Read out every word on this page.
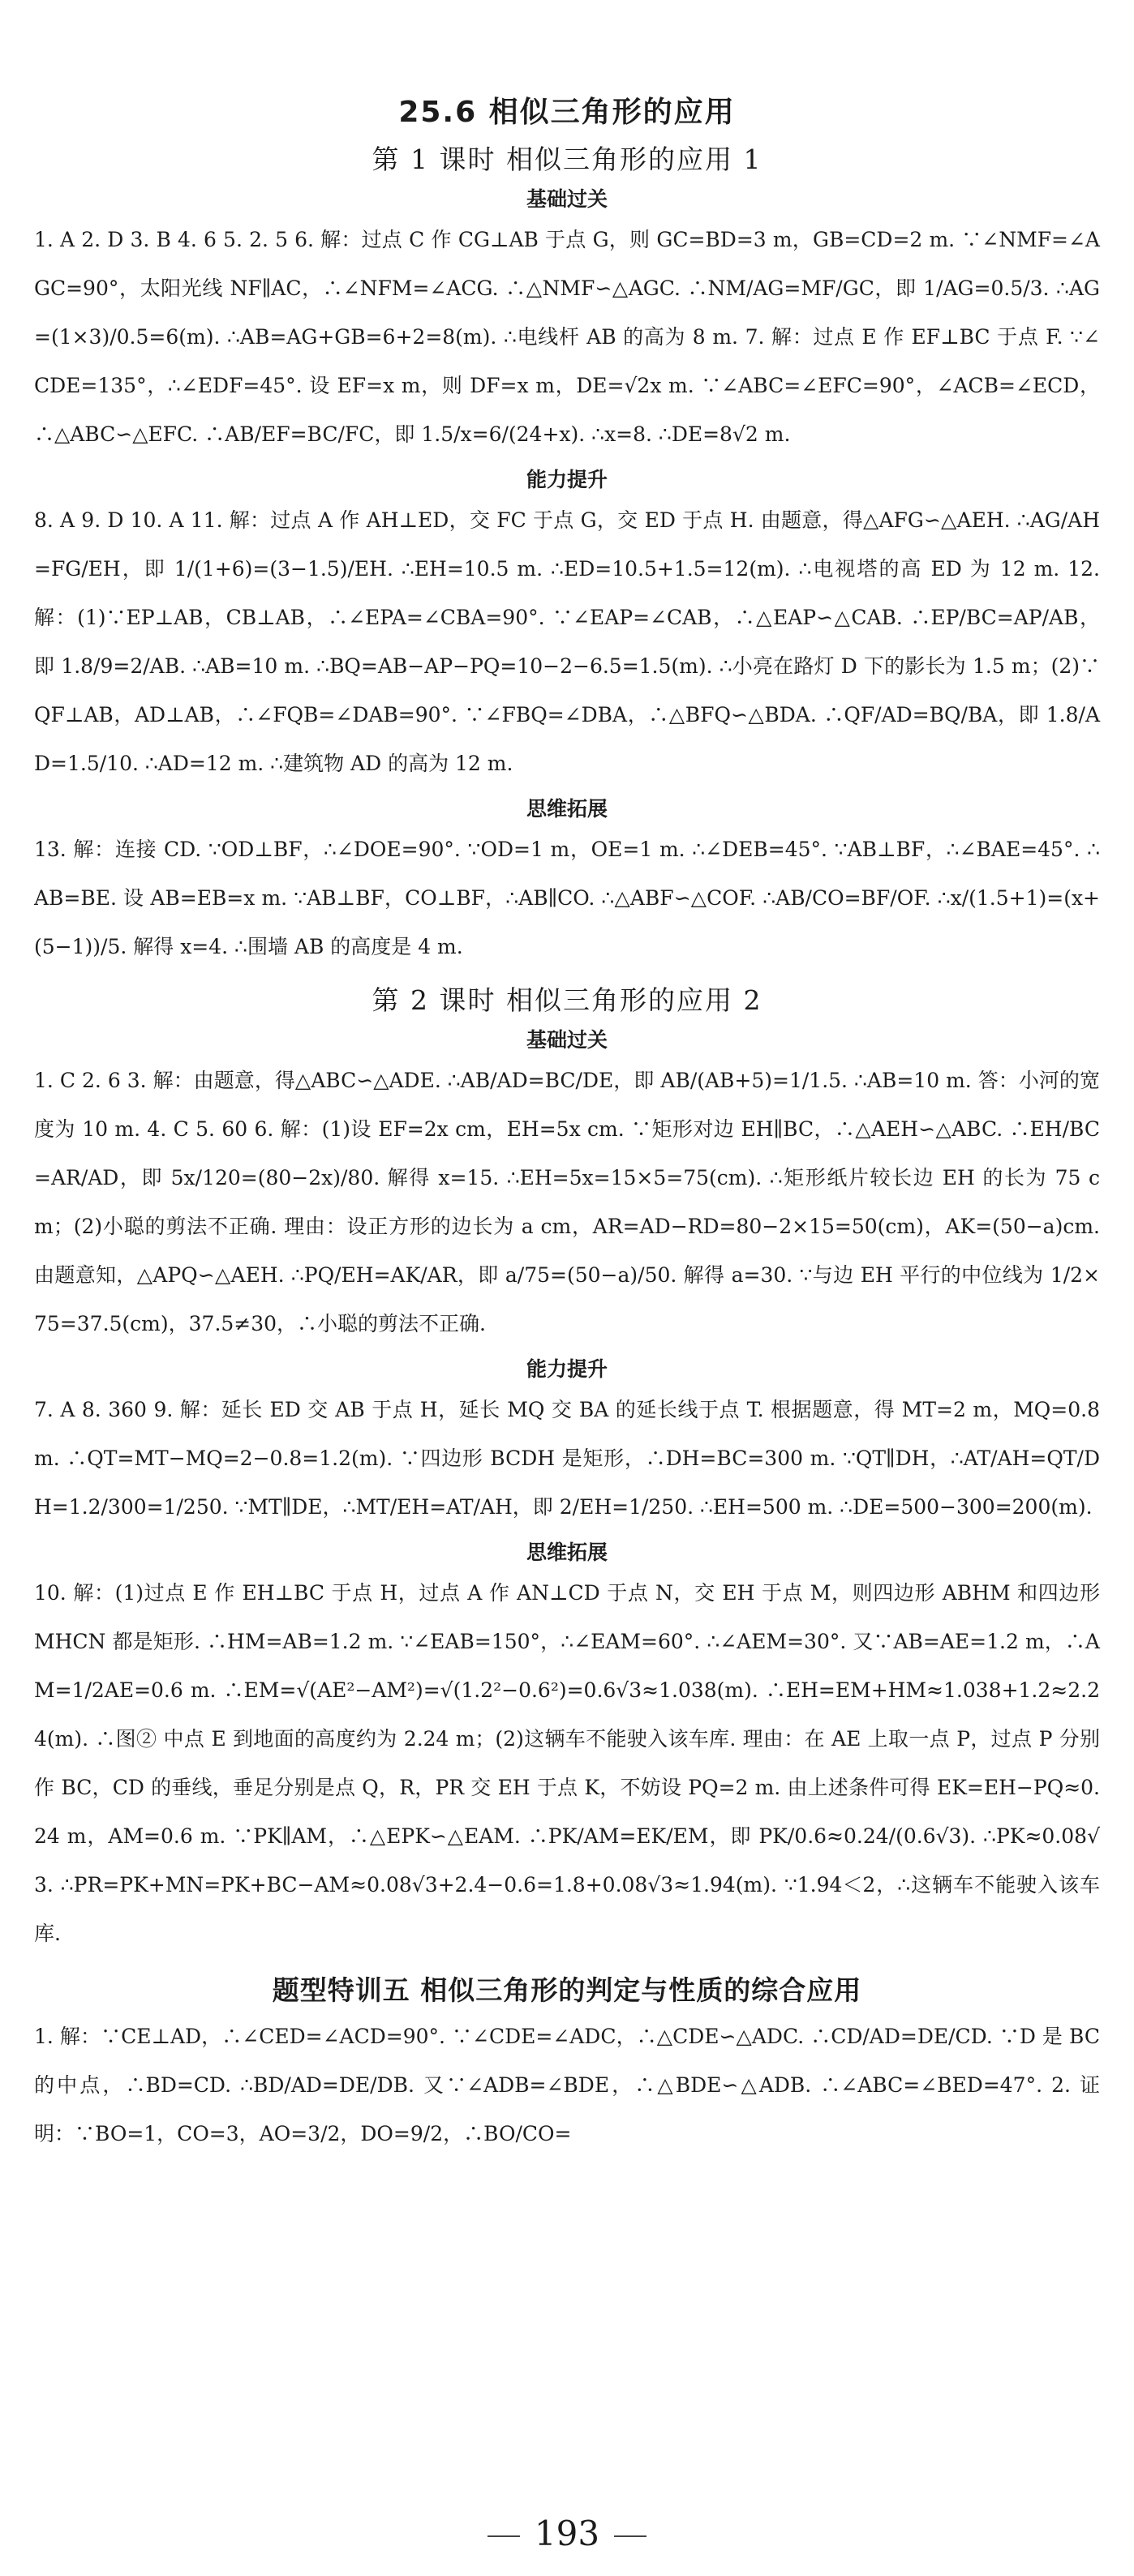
25.6 相似三角形的应用
第 1 课时 相似三角形的应用 1
基础过关

1. A 2. D 3. B 4. 6 5. 2. 5 6. 解：过点 C 作 CG⊥AB 于点 G，则 GC=BD=3 m，GB=CD=2 m. ∵∠NMF=∠AGC=90°，太阳光线 NF∥AC，∴∠NFM=∠ACG. ∴△NMF∽△AGC. ∴NM/AG=MF/GC，即 1/AG=0.5/3. ∴AG=(1×3)/0.5=6(m). ∴AB=AG+GB=6+2=8(m). ∴电线杆 AB 的高为 8 m. 7. 解：过点 E 作 EF⊥BC 于点 F. ∵∠CDE=135°，∴∠EDF=45°. 设 EF=x m，则 DF=x m，DE=√2x m. ∵∠ABC=∠EFC=90°，∠ACB=∠ECD，∴△ABC∽△EFC. ∴AB/EF=BC/FC，即 1.5/x=6/(24+x). ∴x=8. ∴DE=8√2 m.

能力提升

8. A 9. D 10. A 11. 解：过点 A 作 AH⊥ED，交 FC 于点 G，交 ED 于点 H. 由题意，得△AFG∽△AEH. ∴AG/AH=FG/EH，即 1/(1+6)=(3−1.5)/EH. ∴EH=10.5 m. ∴ED=10.5+1.5=12(m). ∴电视塔的高 ED 为 12 m. 12. 解：(1)∵EP⊥AB，CB⊥AB，∴∠EPA=∠CBA=90°. ∵∠EAP=∠CAB，∴△EAP∽△CAB. ∴EP/BC=AP/AB，即 1.8/9=2/AB. ∴AB=10 m. ∴BQ=AB−AP−PQ=10−2−6.5=1.5(m). ∴小亮在路灯 D 下的影长为 1.5 m；(2)∵QF⊥AB，AD⊥AB，∴∠FQB=∠DAB=90°. ∵∠FBQ=∠DBA，∴△BFQ∽△BDA. ∴QF/AD=BQ/BA，即 1.8/AD=1.5/10. ∴AD=12 m. ∴建筑物 AD 的高为 12 m.

思维拓展

13. 解：连接 CD. ∵OD⊥BF，∴∠DOE=90°. ∵OD=1 m，OE=1 m. ∴∠DEB=45°. ∵AB⊥BF，∴∠BAE=45°. ∴AB=BE. 设 AB=EB=x m. ∵AB⊥BF，CO⊥BF，∴AB∥CO. ∴△ABF∽△COF. ∴AB/CO=BF/OF. ∴x/(1.5+1)=(x+(5−1))/5. 解得 x=4. ∴围墙 AB 的高度是 4 m.

第 2 课时 相似三角形的应用 2
基础过关

1. C 2. 6 3. 解：由题意，得△ABC∽△ADE. ∴AB/AD=BC/DE，即 AB/(AB+5)=1/1.5. ∴AB=10 m. 答：小河的宽度为 10 m. 4. C 5. 60 6. 解：(1)设 EF=2x cm，EH=5x cm. ∵矩形对边 EH∥BC，∴△AEH∽△ABC. ∴EH/BC=AR/AD，即 5x/120=(80−2x)/80. 解得 x=15. ∴EH=5x=15×5=75(cm). ∴矩形纸片较长边 EH 的长为 75 cm；(2)小聪的剪法不正确. 理由：设正方形的边长为 a cm，AR=AD−RD=80−2×15=50(cm)，AK=(50−a)cm. 由题意知，△APQ∽△AEH. ∴PQ/EH=AK/AR，即 a/75=(50−a)/50. 解得 a=30. ∵与边 EH 平行的中位线为 1/2×75=37.5(cm)，37.5≠30，∴小聪的剪法不正确.

能力提升

7. A 8. 360 9. 解：延长 ED 交 AB 于点 H，延长 MQ 交 BA 的延长线于点 T. 根据题意，得 MT=2 m，MQ=0.8 m. ∴QT=MT−MQ=2−0.8=1.2(m). ∵四边形 BCDH 是矩形，∴DH=BC=300 m. ∵QT∥DH，∴AT/AH=QT/DH=1.2/300=1/250. ∵MT∥DE，∴MT/EH=AT/AH，即 2/EH=1/250. ∴EH=500 m. ∴DE=500−300=200(m).

思维拓展

10. 解：(1)过点 E 作 EH⊥BC 于点 H，过点 A 作 AN⊥CD 于点 N，交 EH 于点 M，则四边形 ABHM 和四边形 MHCN 都是矩形. ∴HM=AB=1.2 m. ∵∠EAB=150°，∴∠EAM=60°. ∴∠AEM=30°. 又∵AB=AE=1.2 m，∴AM=1/2AE=0.6 m. ∴EM=√(AE²−AM²)=√(1.2²−0.6²)=0.6√3≈1.038(m). ∴EH=EM+HM≈1.038+1.2≈2.24(m). ∴图② 中点 E 到地面的高度约为 2.24 m；(2)这辆车不能驶入该车库. 理由：在 AE 上取一点 P，过点 P 分别作 BC，CD 的垂线，垂足分别是点 Q，R，PR 交 EH 于点 K，不妨设 PQ=2 m. 由上述条件可得 EK=EH−PQ≈0.24 m，AM=0.6 m. ∵PK∥AM，∴△EPK∽△EAM. ∴PK/AM=EK/EM，即 PK/0.6≈0.24/(0.6√3). ∴PK≈0.08√3. ∴PR=PK+MN=PK+BC−AM≈0.08√3+2.4−0.6=1.8+0.08√3≈1.94(m). ∵1.94＜2，∴这辆车不能驶入该车库.

题型特训五 相似三角形的判定与性质的综合应用

1. 解：∵CE⊥AD，∴∠CED=∠ACD=90°. ∵∠CDE=∠ADC，∴△CDE∽△ADC. ∴CD/AD=DE/CD. ∵D 是 BC 的中点，∴BD=CD. ∴BD/AD=DE/DB. 又∵∠ADB=∠BDE，∴△BDE∽△ADB. ∴∠ABC=∠BED=47°. 2. 证明：∵BO=1，CO=3，AO=3/2，DO=9/2，∴BO/CO=

193
